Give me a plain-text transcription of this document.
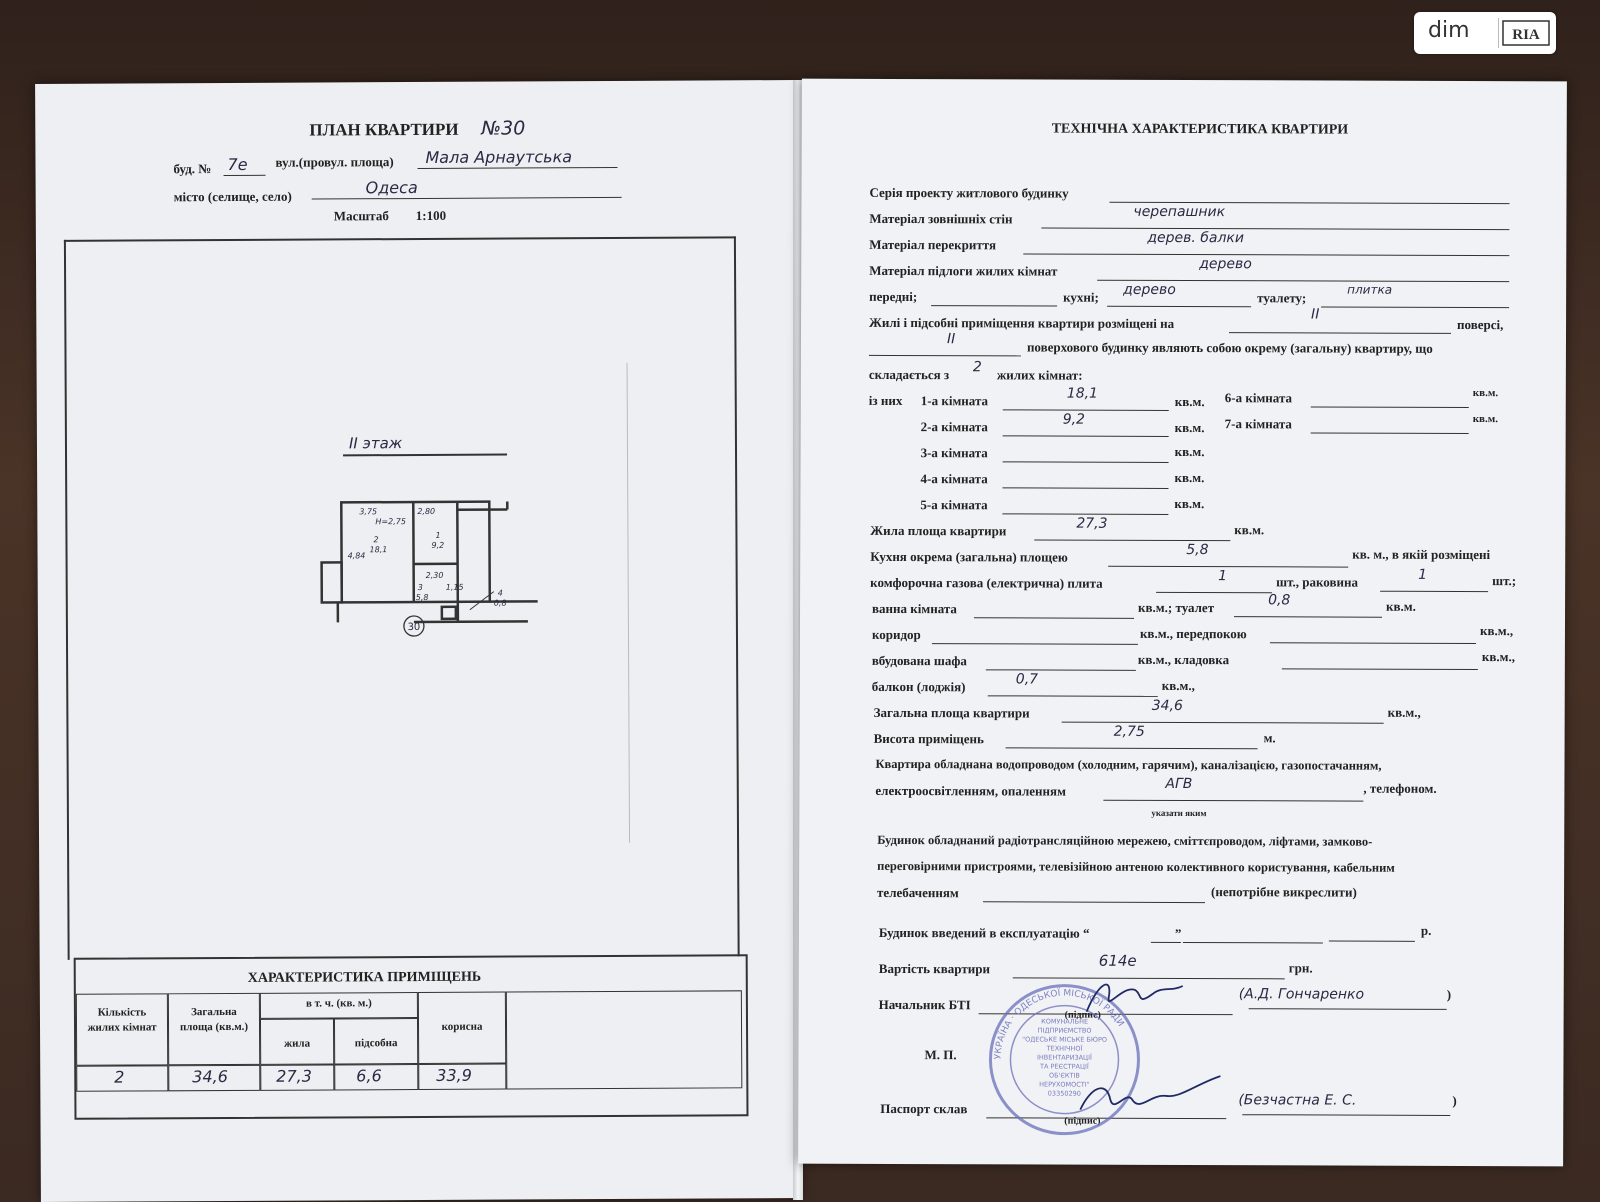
dim	RIA
ПЛАН КВАРТИРИ №30
буд. № 7е вул.(провул. площа) Мала Арнаутська
місто (селище, село)	Одеса
Масштаб 1:100
II этаж
30
3,75
H=2,75
2,80
2
18,1
1
9,2
4,84
2,30
3
5,8
1,15
4
0,8
ХАРАКТЕРИСТИКА ПРИМІЩЕНЬ
Кількість жилих кімнат
Загальна площа (кв.м.)
в т. ч. (кв. м.)
жила	підсобна
корисна
2	34,6	27,3	6,6	33,9
ТЕХНІЧНА ХАРАКТЕРИСТИКА КВАРТИРИ
Серія проекту житлового будинку
Матеріал зовнішніх стін	черепашник
Матеріал перекриття	дерев. балки
Матеріал підлоги жилих кімнат	дерево
передні;	кухні; дерево	туалету;
плитка
Жилі і підсобні приміщення квартири розміщені на
II
поверсі,
II
поверхового будинку являють собою окрему (загальну) квартиру, що
складається з 2 жилих кімнат:
із них 1-а кімната	18,1	кв.м. 6-а кімната	кв.м.
2-а кімната	9,2	кв.м. 7-а кімната	кв.м.
3-а кімната	кв.м.
4-а кімната	кв.м.
5-а кімната	кв.м.
Жила площа квартири	27,3	кв.м.
Кухня окрема (загальна) площею	5,8	кв. м., в якій розміщені
комфорочна газова (електрична) плита	1	шт., раковина	1	шт.;
ванна кімната	кв.м.; туалет	0,8	кв.м.
коридор	кв.м., передпокою	кв.м.,
вбудована шафа	кв.м., кладовка	кв.м.,
балкон (лоджія)	0,7	кв.м.,
Загальна площа квартири	34,6	кв.м.,
Висота приміщень	2,75	м.
Квартира обладнана водопроводом (холодним, гарячим), каналізацією, газопостачанням,
електроосвітленням, опаленням	АГВ	, телефоном.
указати яким
Будинок обладнаний радіотрансляційною мережею, сміттєпроводом, ліфтами, замково-
переговірними пристроями, телевізійною антеною колективного користування, кабельним
телебаченням	(непотрібне викреслити)
Будинок введений в експлуатацію “	”	р.
Вартість квартири	614е	грн.
Начальник БТІ
(А.Д. Гончаренко	)
(підпис)
М. П.
Паспорт склав	(Безчастна Е. С.	)
(підпис)
УКРАЇНА · ОДЕСЬКОЇ МІСЬКОЇ РАДИ
КОМУНАЛЬНЕ
ПІДПРИЄМСТВО
"ОДЕСЬКЕ МІСЬКЕ БЮРО
ТЕХНІЧНОЇ
ІНВЕНТАРИЗАЦІЇ
ТА РЕЄСТРАЦІЇ
ОБ'ЄКТІВ
НЕРУХОМОСТІ"
03350290
